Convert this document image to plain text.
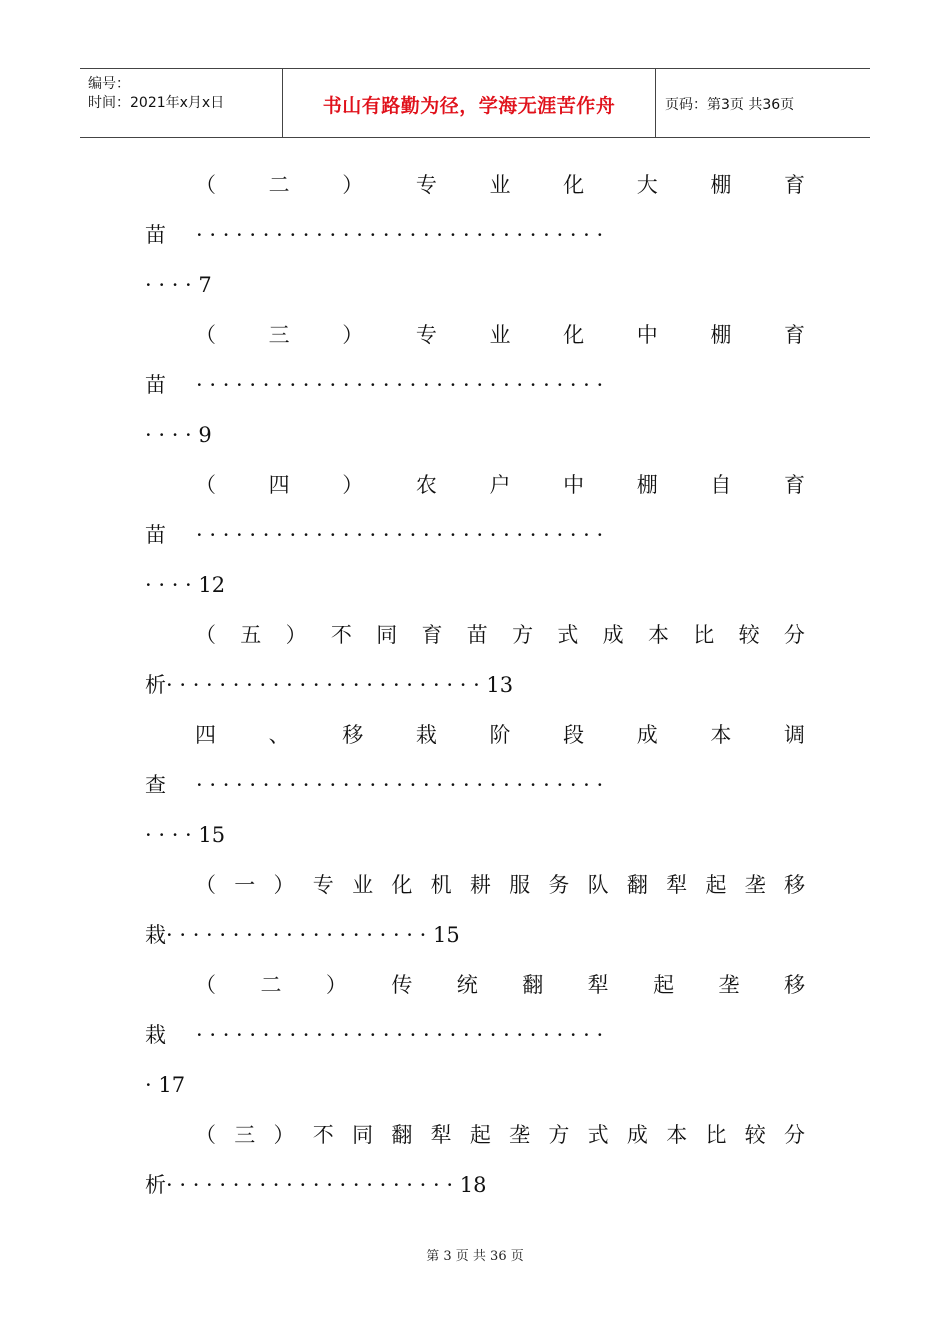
编号：
时间：2021年x月x日	书山有路勤为径，学海无涯苦作舟	页码：第3页 共36页
（	二	）	专	业	化	大	棚	育
苗 · · · · · · · · · · · · · · · · · · · · · · · · · · · · · · ·
· · · · 7
（	三	）	专	业	化	中	棚	育
苗 · · · · · · · · · · · · · · · · · · · · · · · · · · · · · · ·
· · · · 9
（	四	）	农	户	中	棚	自	育
苗 · · · · · · · · · · · · · · · · · · · · · · · · · · · · · · ·
· · · · 12
（ 五 ） 不 同 育 苗 方 式 成 本 比 较 分
析· · · · · · · · · · · · · · · · · · · · · · · · 13
四	、	移	栽	阶	段	成	本	调
查 · · · · · · · · · · · · · · · · · · · · · · · · · · · · · · ·
· · · · 15
（ 一 ） 专 业 化 机 耕 服 务 队 翻 犁 起 垄 移
栽· · · · · · · · · · · · · · · · · · · · 15
（ 二 ） 传 统 翻 犁 起 垄 移
栽 · · · · · · · · · · · · · · · · · · · · · · · · · · · · · · ·
· 17
（ 三 ） 不 同 翻 犁 起 垄 方 式 成 本 比 较 分
析· · · · · · · · · · · · · · · · · · · · · · 18
第 3 页 共 36 页
